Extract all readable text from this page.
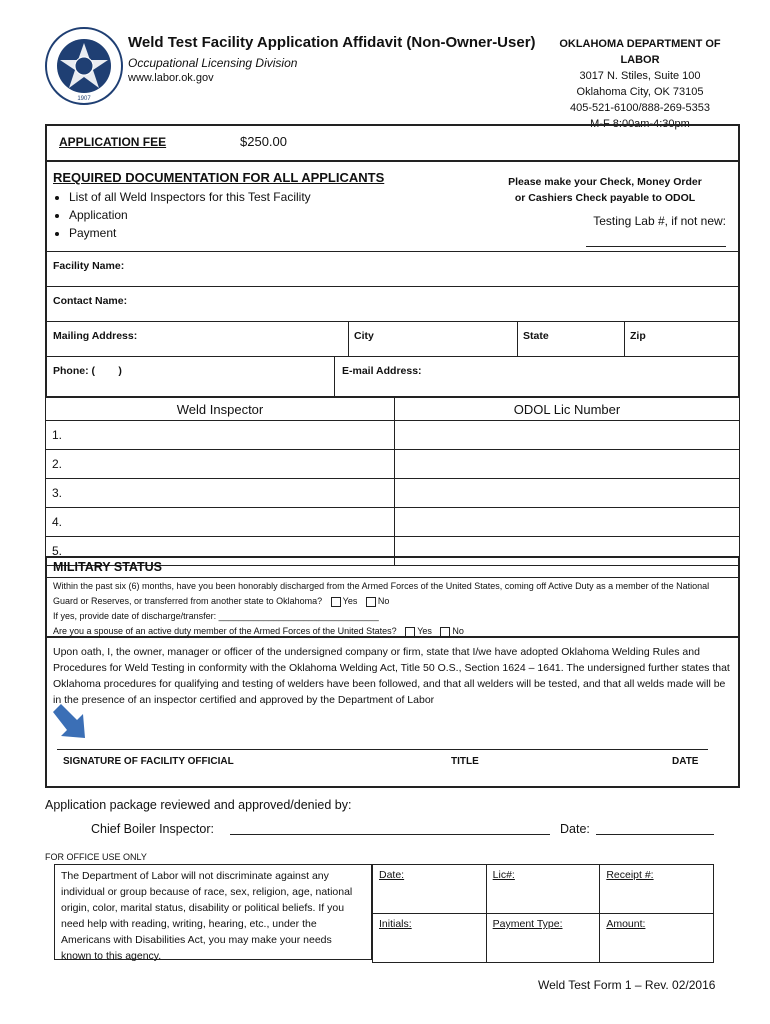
1907
Weld Test Facility Application Affidavit (Non-Owner-User)
Occupational Licensing Division
www.labor.ok.gov
OKLAHOMA DEPARTMENT OF LABOR
3017 N. Stiles, Suite 100
Oklahoma City, OK 73105
405-521-6100/888-269-5353
M-F 8:00am-4:30pm
APPLICATION FEE	$250.00
REQUIRED DOCUMENTATION FOR ALL APPLICANTS
• List of all Weld Inspectors for this Test Facility
• Application
• Payment
Please make your Check, Money Order
or Cashiers Check payable to ODOL
Testing Lab #, if not new:
Facility Name:
Contact Name:
Mailing Address:	City	State	Zip
Phone: (        )	E-mail Address:
Weld Inspector	ODOL Lic Number
1.	
2.	
3.	
4.	
5.	
MILITARY STATUS
Within the past six (6) months, have you been honorably discharged from the Armed Forces of the United States, coming off Active Duty as a member of the National Guard or Reserves, or transferred from another state to Oklahoma? Yes No
If yes, provide date of discharge/transfer: ________________________________
Are you a spouse of an active duty member of the Armed Forces of the United States? Yes No
Upon oath, I, the owner, manager or officer of the undersigned company or firm, state that I/we have adopted Oklahoma Welding Rules and Procedures for Weld Testing in conformity with the Oklahoma Welding Act, Title 50 O.S., Section 1624 – 1641. The undersigned further states that Oklahoma procedures for qualifying and testing of welders have been followed, and that all welders will be tested, and that all welds made will be in the presence of an inspector certified and approved by the Department of Labor
SIGNATURE OF FACILITY OFFICIAL	TITLE	DATE
Application package reviewed and approved/denied by:
Chief Boiler Inspector:	Date:
FOR OFFICE USE ONLY
The Department of Labor will not discriminate against any individual or group because of race, sex, religion, age, national origin, color, marital status, disability or political beliefs. If you need help with reading, writing, hearing, etc., under the Americans with Disabilities Act, you may make your needs known to this agency.
Date:	Lic#:	Receipt #:
Initials:	Payment Type:	Amount:
Weld Test Form 1 – Rev. 02/2016
